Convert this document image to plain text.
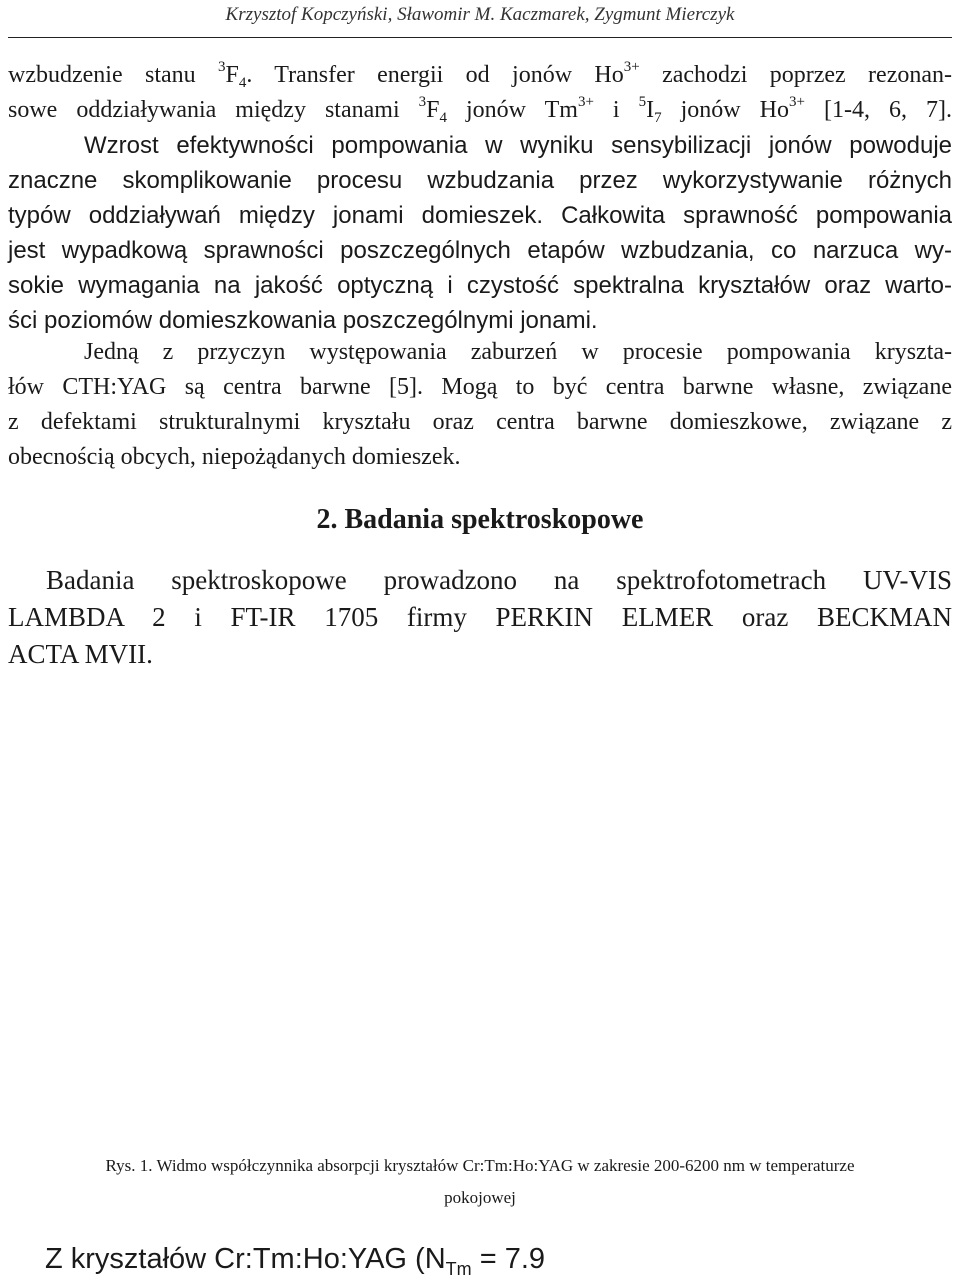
Krzysztof Kopczyński, Sławomir M. Kaczmarek, Zygmunt Mierczyk
wzbudzenie stanu $^3F_4$. Transfer energii od jonów $Ho^{3+}$ zachodzi poprzez rezonan-
sowe oddziaływania między stanami $^3F_4$ jonów $Tm^{3+}$ i $^5I_7$ jonów $Ho^{3+}$ [1-4, 6, 7].
Wzrost efektywności pompowania w wyniku sensybilizacji jonów powoduje
znaczne skomplikowanie procesu wzbudzania przez wykorzystywanie różnych
typów oddziaływań między jonami domieszek. Całkowita sprawność pompowania
jest wypadkową sprawności poszczególnych etapów wzbudzania, co narzuca wy-
sokie wymagania na jakość optyczną i czystość spektralna kryształów oraz warto-
ści poziomów domieszkowania poszczególnymi jonami.
Jedną z przyczyn występowania zaburzeń w procesie pompowania kryszta-
łów CTH:YAG są centra barwne [5]. Mogą to być centra barwne własne, związane
z defektami strukturalnymi kryształu oraz centra barwne domieszkowe, związane z
obecnością obcych, niepożądanych domieszek.
2. Badania spektroskopowe
Badania spektroskopowe prowadzono na spektrofotometrach UV-VIS
LAMBDA 2 i FT-IR 1705 firmy PERKIN ELMER oraz BECKMAN
ACTA MVII.
Rys. 1. Widmo współczynnika absorpcji kryształów Cr:Tm:Ho:YAG w zakresie 200-6200 nm w temperaturze
pokojowej
Z kryształów Cr:Tm:Ho:YAG ($N_{Tm} = 7.9$
